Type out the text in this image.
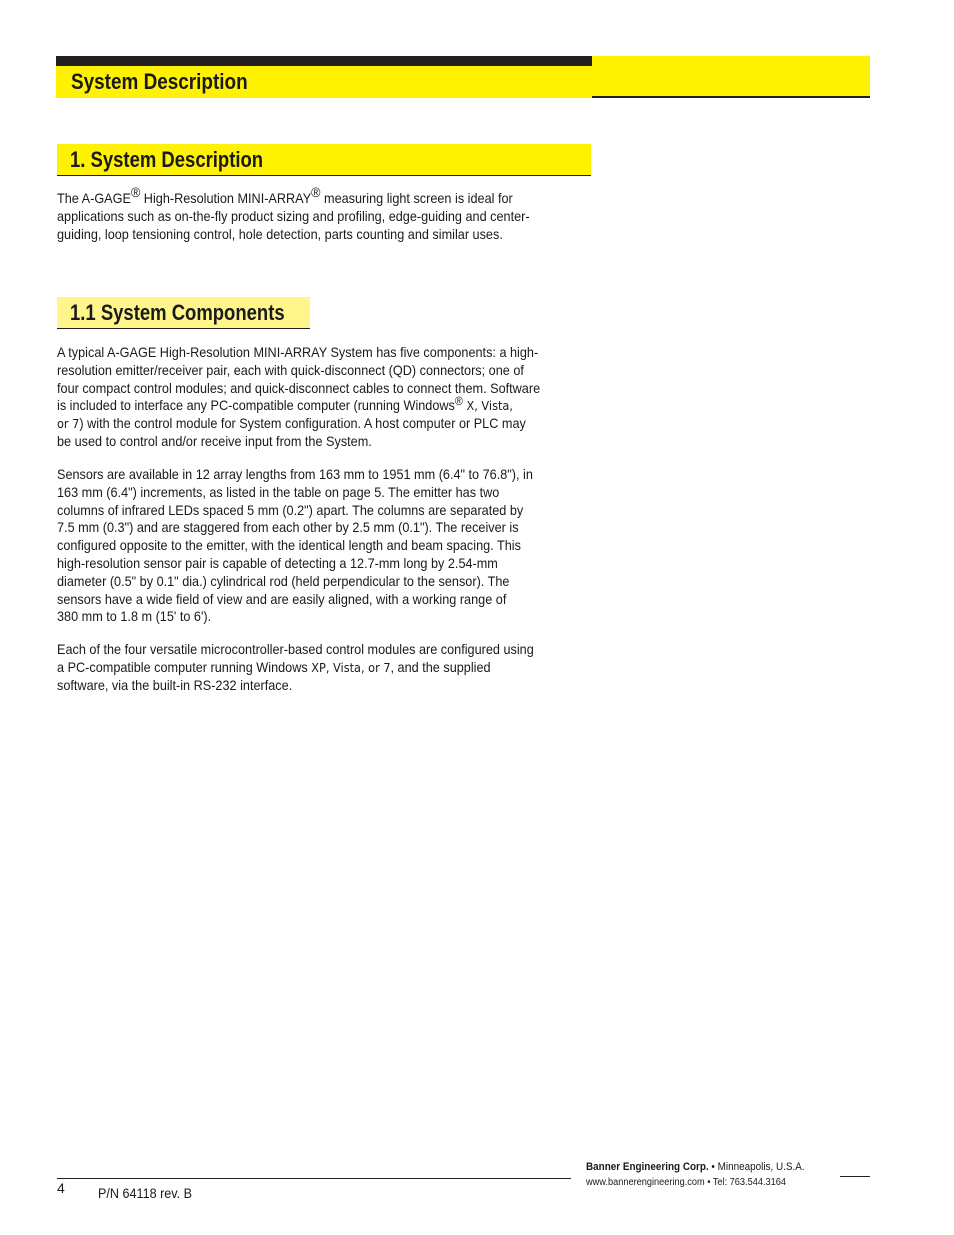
System Description
1. System Description
The A-GAGE® High-Resolution MINI-ARRAY® measuring light screen is ideal for
applications such as on-the-fly product sizing and profiling, edge-guiding and center-
guiding, loop tensioning control, hole detection, parts counting and similar uses.
1.1 System Components
A typical A-GAGE High-Resolution MINI-ARRAY System has five components: a high-
resolution emitter/receiver pair, each with quick-disconnect (QD) connectors; one of
four compact control modules; and quick-disconnect cables to connect them. Software
is included to interface any PC-compatible computer (running Windows® X, Vista,
or 7) with the control module for System configuration. A host computer or PLC may
be used to control and/or receive input from the System.
Sensors are available in 12 array lengths from 163 mm to 1951 mm (6.4" to 76.8"), in
163 mm (6.4") increments, as listed in the table on page 5. The emitter has two
columns of infrared LEDs spaced 5 mm (0.2") apart. The columns are separated by
7.5 mm (0.3") and are staggered from each other by 2.5 mm (0.1"). The receiver is
configured opposite to the emitter, with the identical length and beam spacing. This
high-resolution sensor pair is capable of detecting a 12.7-mm long by 2.54-mm
diameter (0.5" by 0.1" dia.) cylindrical rod (held perpendicular to the sensor). The
sensors have a wide field of view and are easily aligned, with a working range of
380 mm to 1.8 m (15' to 6').
Each of the four versatile microcontroller-based control modules are configured using
a PC-compatible computer running Windows XP, Vista, or 7, and the supplied
software, via the built-in RS-232 interface.
Banner Engineering Corp. • Minneapolis, U.S.A.
www.bannerengineering.com • Tel: 763.544.3164
4 P/N 64118 rev. B
